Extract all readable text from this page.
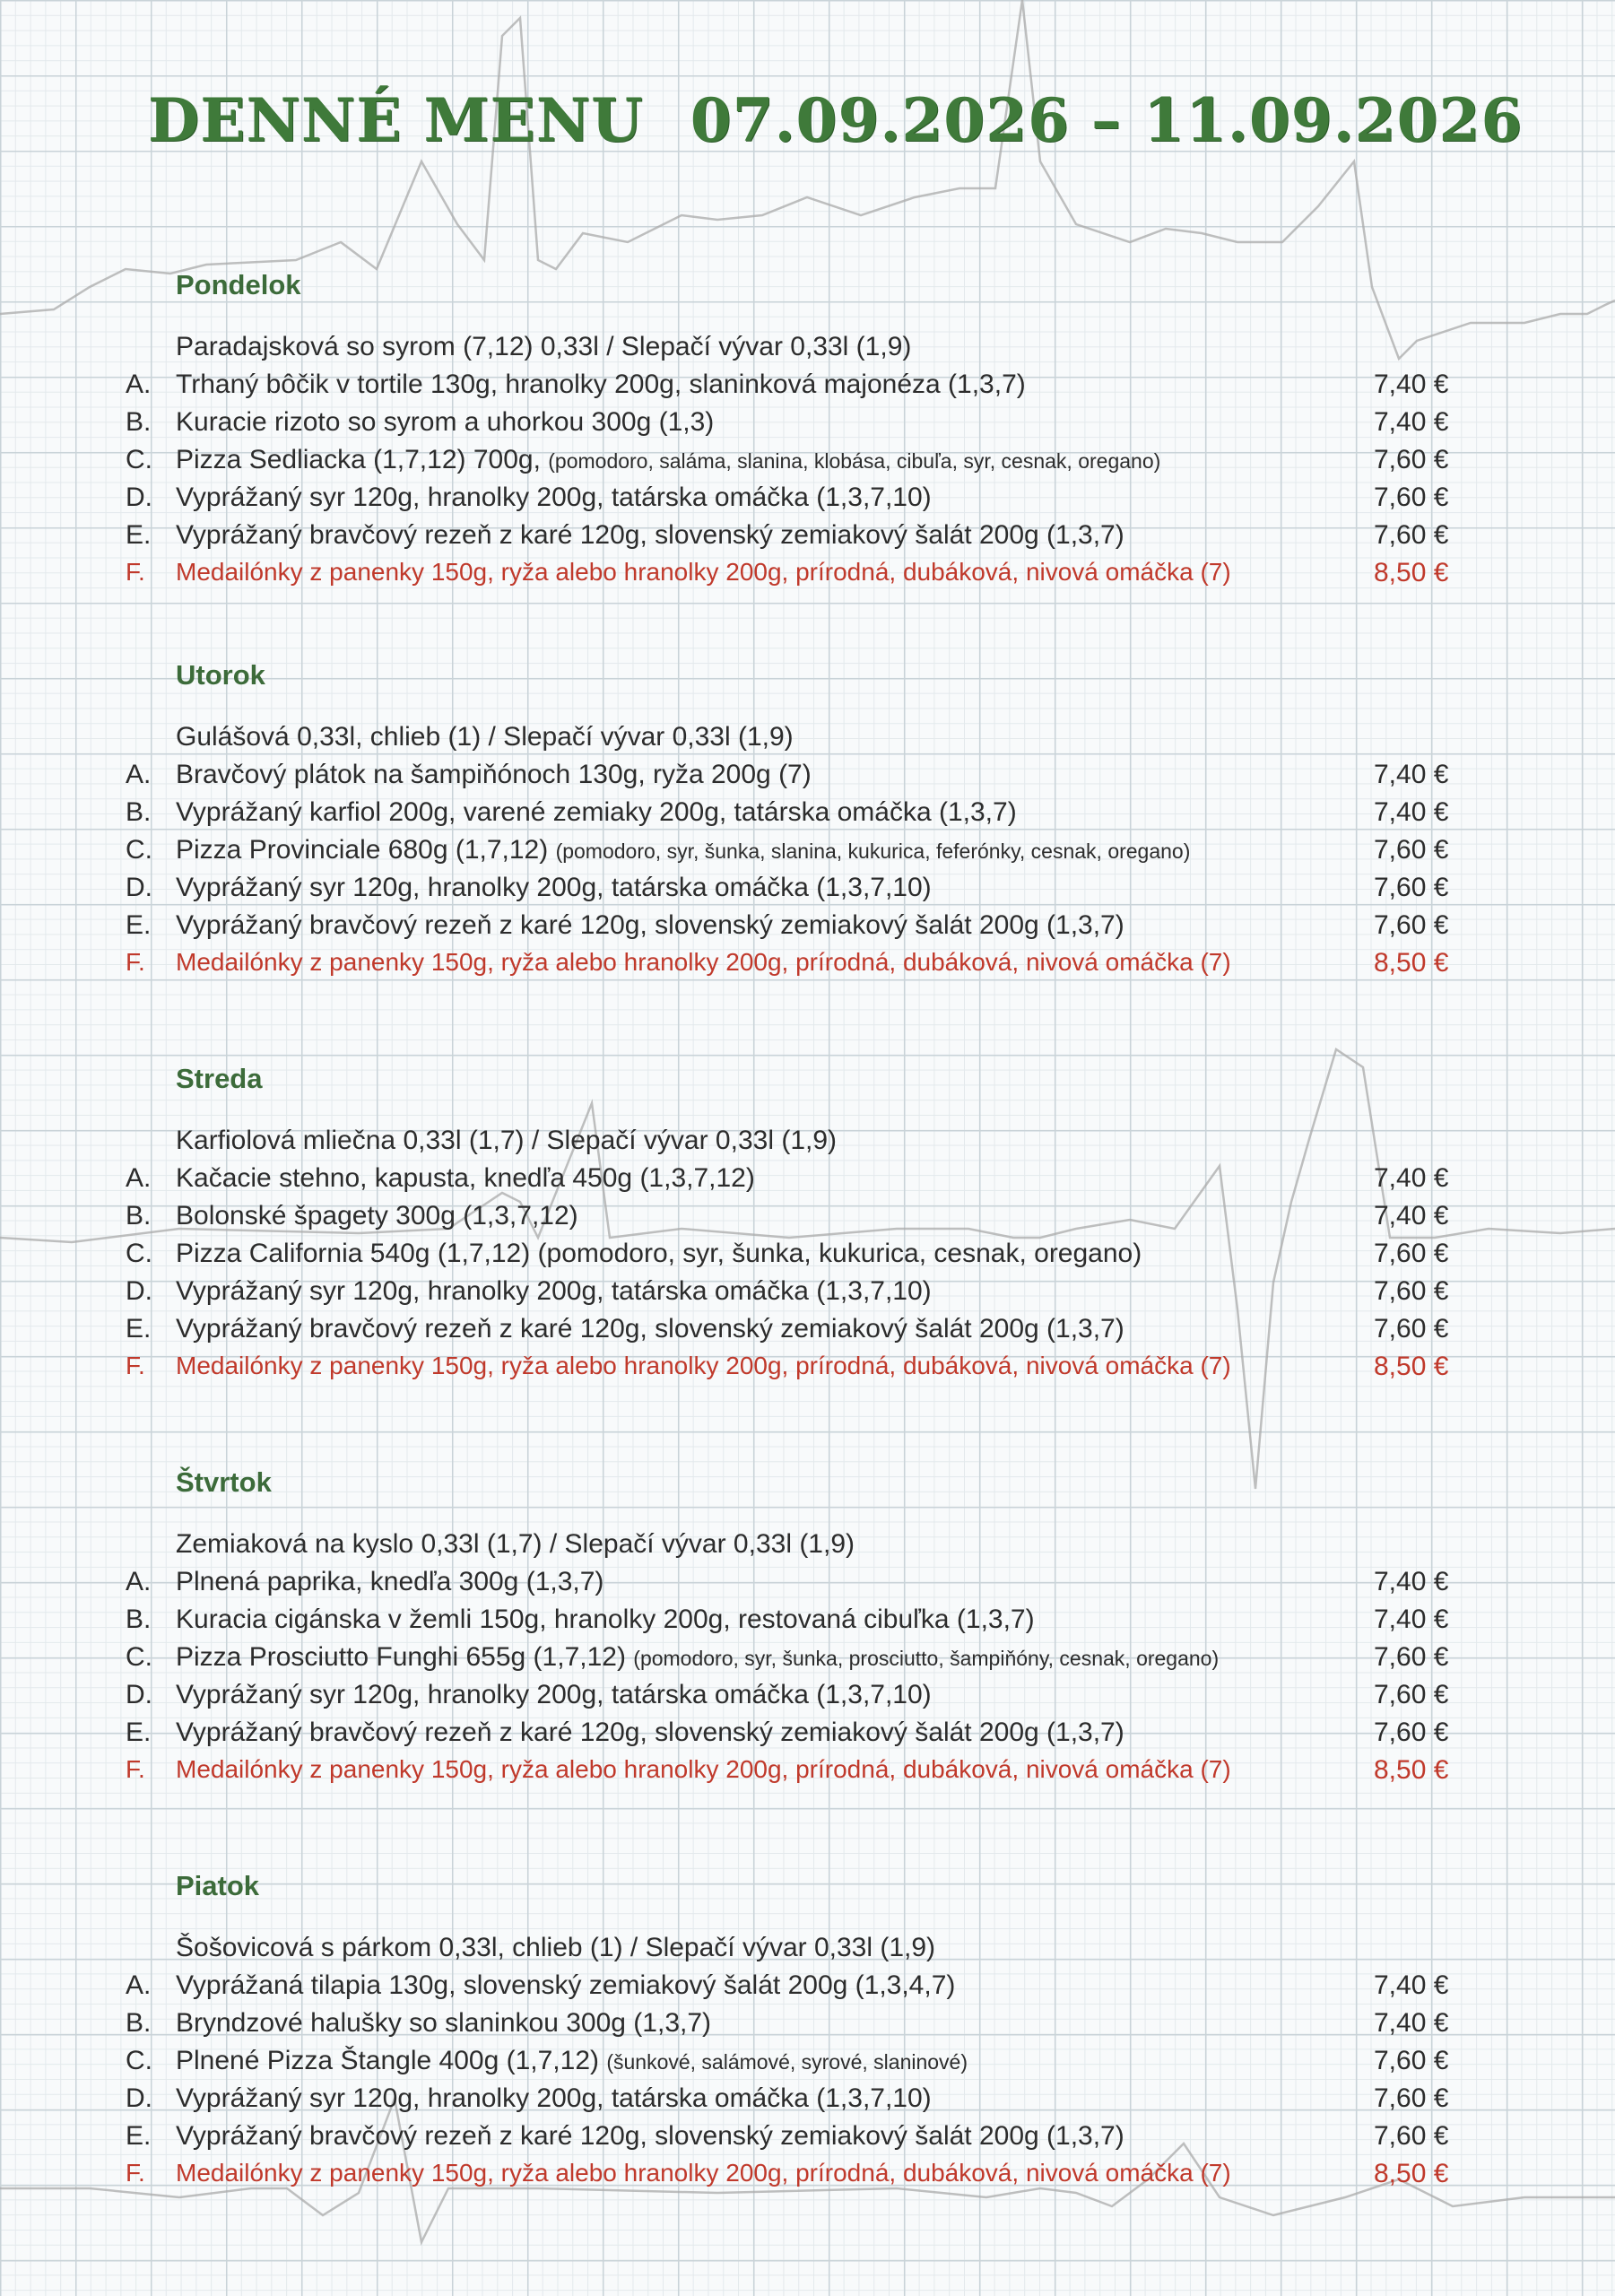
DENNÉ MENU 07.09.2026 – 11.09.2026
Pondelok
Paradajsková so syrom (7,12) 0,33l / Slepačí vývar 0,33l (1,9)
A. Trhaný bôčik v tortile 130g, hranolky 200g, slaninková majonéza (1,3,7)	7,40 €
B. Kuracie rizoto so syrom a uhorkou 300g (1,3)	7,40 €
C. Pizza Sedliacka (1,7,12) 700g, (pomodoro, saláma, slanina, klobása, cibuľa, syr, cesnak, oregano)	7,60 €
D. Vyprážaný syr 120g, hranolky 200g, tatárska omáčka (1,3,7,10)	7,60 €
E. Vyprážaný bravčový rezeň z karé 120g, slovenský zemiakový šalát 200g (1,3,7)	7,60 €
F. Medailónky z panenky 150g, ryža alebo hranolky 200g, prírodná, dubáková, nivová omáčka (7)	8,50 €
Utorok
Gulášová 0,33l, chlieb (1) / Slepačí vývar 0,33l (1,9)
A. Bravčový plátok na šampiňónoch 130g, ryža 200g (7)	7,40 €
B. Vyprážaný karfiol 200g, varené zemiaky 200g, tatárska omáčka (1,3,7)	7,40 €
C. Pizza Provinciale 680g (1,7,12) (pomodoro, syr, šunka, slanina, kukurica, feferónky, cesnak, oregano)	7,60 €
D. Vyprážaný syr 120g, hranolky 200g, tatárska omáčka (1,3,7,10)	7,60 €
E. Vyprážaný bravčový rezeň z karé 120g, slovenský zemiakový šalát 200g (1,3,7)	7,60 €
F. Medailónky z panenky 150g, ryža alebo hranolky 200g, prírodná, dubáková, nivová omáčka (7)	8,50 €
Streda
Karfiolová mliečna 0,33l (1,7) / Slepačí vývar 0,33l (1,9)
A. Kačacie stehno, kapusta, knedľa 450g (1,3,7,12)	7,40 €
B. Bolonské špagety 300g (1,3,7,12)	7,40 €
C. Pizza California 540g (1,7,12) (pomodoro, syr, šunka, kukurica, cesnak, oregano)	7,60 €
D. Vyprážaný syr 120g, hranolky 200g, tatárska omáčka (1,3,7,10)	7,60 €
E. Vyprážaný bravčový rezeň z karé 120g, slovenský zemiakový šalát 200g (1,3,7)	7,60 €
F. Medailónky z panenky 150g, ryža alebo hranolky 200g, prírodná, dubáková, nivová omáčka (7)	8,50 €
Štvrtok
Zemiaková na kyslo 0,33l (1,7) / Slepačí vývar 0,33l (1,9)
A. Plnená paprika, knedľa 300g (1,3,7)	7,40 €
B. Kuracia cigánska v žemli 150g, hranolky 200g, restovaná cibuľka (1,3,7)	7,40 €
C. Pizza Prosciutto Funghi 655g (1,7,12) (pomodoro, syr, šunka, prosciutto, šampiňóny, cesnak, oregano)	7,60 €
D. Vyprážaný syr 120g, hranolky 200g, tatárska omáčka (1,3,7,10)	7,60 €
E. Vyprážaný bravčový rezeň z karé 120g, slovenský zemiakový šalát 200g (1,3,7)	7,60 €
F. Medailónky z panenky 150g, ryža alebo hranolky 200g, prírodná, dubáková, nivová omáčka (7)	8,50 €
Piatok
Šošovicová s párkom 0,33l, chlieb (1) / Slepačí vývar 0,33l (1,9)
A. Vyprážaná tilapia 130g, slovenský zemiakový šalát 200g (1,3,4,7)	7,40 €
B. Bryndzové halušky so slaninkou 300g (1,3,7)	7,40 €
C. Plnené Pizza Štangle 400g (1,7,12) (šunkové, salámové, syrové, slaninové)	7,60 €
D. Vyprážaný syr 120g, hranolky 200g, tatárska omáčka (1,3,7,10)	7,60 €
E. Vyprážaný bravčový rezeň z karé 120g, slovenský zemiakový šalát 200g (1,3,7)	7,60 €
F. Medailónky z panenky 150g, ryža alebo hranolky 200g, prírodná, dubáková, nivová omáčka (7)	8,50 €
